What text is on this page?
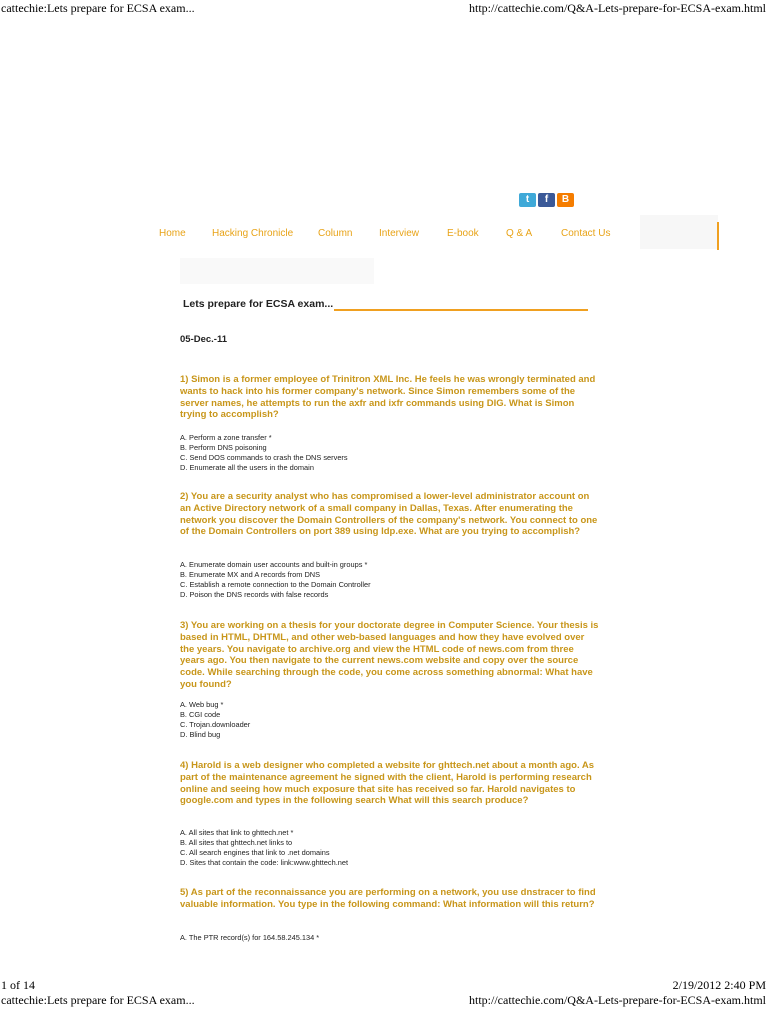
cattechie:Lets prepare for ECSA exam...	http://cattechie.com/Q&A-Lets-prepare-for-ECSA-exam.html
t	f	B
Home	Hacking Chronicle Column	Interview	E-book	Q & A	Contact Us
Lets prepare for ECSA exam...
05-Dec.-11
1) Simon is a former employee of Trinitron XML Inc. He feels he was wrongly terminated and wants to hack into his former company's network. Since Simon remembers some of the server names, he attempts to run the axfr and ixfr commands using DIG. What is Simon trying to accomplish?
A. Perform a zone transfer *
B. Perform DNS poisoning
C. Send DOS commands to crash the DNS servers
D. Enumerate all the users in the domain
2) You are a security analyst who has compromised a lower-level administrator account on an Active Directory network of a small company in Dallas, Texas. After enumerating the network you discover the Domain Controllers of the company's network. You connect to one of the Domain Controllers on port 389 using ldp.exe. What are you trying to accomplish?
A. Enumerate domain user accounts and built-in groups *
B. Enumerate MX and A records from DNS
C. Establish a remote connection to the Domain Controller
D. Poison the DNS records with false records
3) You are working on a thesis for your doctorate degree in Computer Science. Your thesis is based in HTML, DHTML, and other web-based languages and how they have evolved over the years. You navigate to archive.org and view the HTML code of news.com from three years ago. You then navigate to the current news.com website and copy over the source code. While searching through the code, you come across something abnormal: What have you found?
A. Web bug *
B. CGI code
C. Trojan.downloader
D. Blind bug
4) Harold is a web designer who completed a website for ghttech.net about a month ago. As part of the maintenance agreement he signed with the client, Harold is performing research online and seeing how much exposure that site has received so far. Harold navigates to google.com and types in the following search What will this search produce?
A. All sites that link to ghttech.net *
B. All sites that ghttech.net links to
C. All search engines that link to .net domains
D. Sites that contain the code: link:www.ghttech.net
5) As part of the reconnaissance you are performing on a network, you use dnstracer to find valuable information. You type in the following command: What information will this return?
A. The PTR record(s) for 164.58.245.134 *
1 of 14	2/19/2012 2:40 PM
cattechie:Lets prepare for ECSA exam...	http://cattechie.com/Q&A-Lets-prepare-for-ECSA-exam.html
